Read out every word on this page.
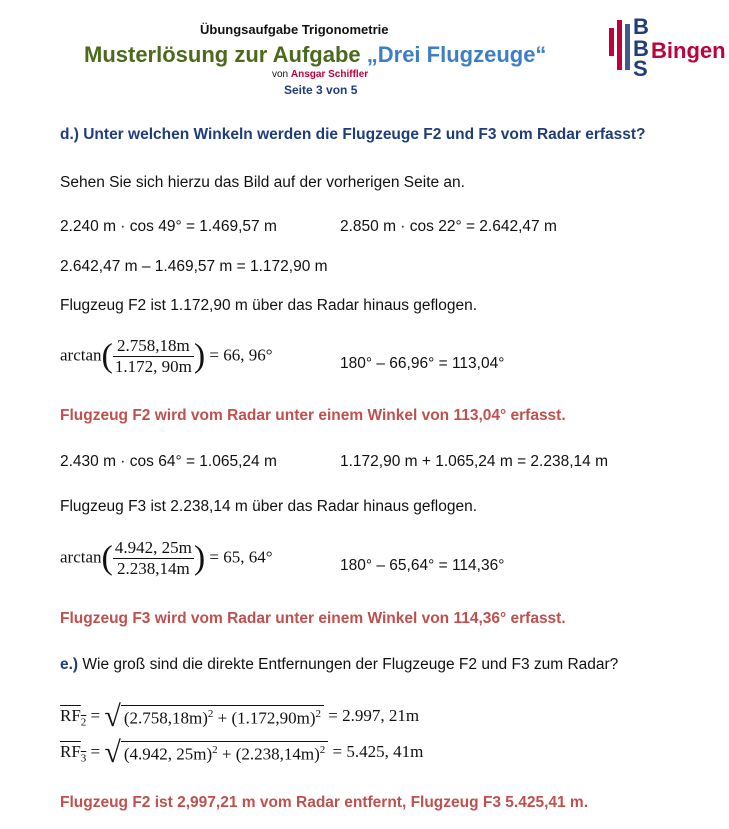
Übungsaufgabe Trigonometrie
Musterlösung zur Aufgabe „Drei Flugzeuge“
von Ansgar Schiffler
Seite 3 von 5
B
B
S
Bingen
d.) Unter welchen Winkeln werden die Flugzeuge F2 und F3 vom Radar erfasst?
Sehen Sie sich hierzu das Bild auf der vorherigen Seite an.
2.240 m · cos 49° = 1.469,57 m	2.850 m · cos 22° = 2.642,47 m
2.642,47 m – 1.469,57 m = 1.172,90 m
Flugzeug F2 ist 1.172,90 m über das Radar hinaus geflogen.
$\arctan( \frac{2.758,18m}{1.172, 90m}$ ) = 66, 96°	180° – 66,96° = 113,04°
Flugzeug F2 wird vom Radar unter einem Winkel von 113,04° erfasst.
2.430 m · cos 64° = 1.065,24 m	1.172,90 m + 1.065,24 m = 2.238,14 m
Flugzeug F3 ist 2.238,14 m über das Radar hinaus geflogen.
$\arctan( \frac{4.942, 25m}{2.238,14m}$ ) = 65, 64°	180° – 65,64° = 114,36°
Flugzeug F3 wird vom Radar unter einem Winkel von 114,36° erfasst.
e.) Wie groß sind die direkte Entfernungen der Flugzeuge F2 und F3 zum Radar?
$RF_2$ = √ $(2.758,18m)^2 + (1.172,90m)^2 = 2.997$, 21m
$RF_3$ = √ (4.942, $25m)^2 + (2.238,14m)^2 = 5.425$, 41m
Flugzeug F2 ist 2,997,21 m vom Radar entfernt, Flugzeug F3 5.425,41 m.
